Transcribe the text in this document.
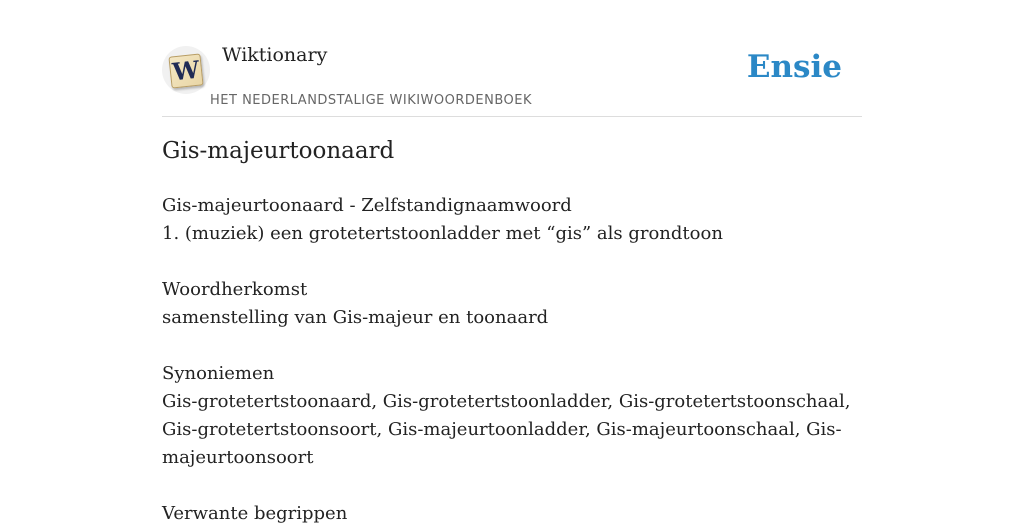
W Wiktionary
HET NEDERLANDSTALIGE WIKIWOORDENBOEK
Ensie
Gis-majeurtoonaard
Gis-majeurtoonaard - Zelfstandignaamwoord
1. (muziek) een grotetertstoonladder met “gis” als grondtoon
Woordherkomst
samenstelling van Gis-majeur en toonaard
Synoniemen
Gis-grotetertstoonaard, Gis-grotetertstoonladder, Gis-grotetertstoonschaal, Gis-grotetertstoonsoort, Gis-majeurtoonladder, Gis-majeurtoonschaal, Gis-majeurtoonsoort
Verwante begrippen
